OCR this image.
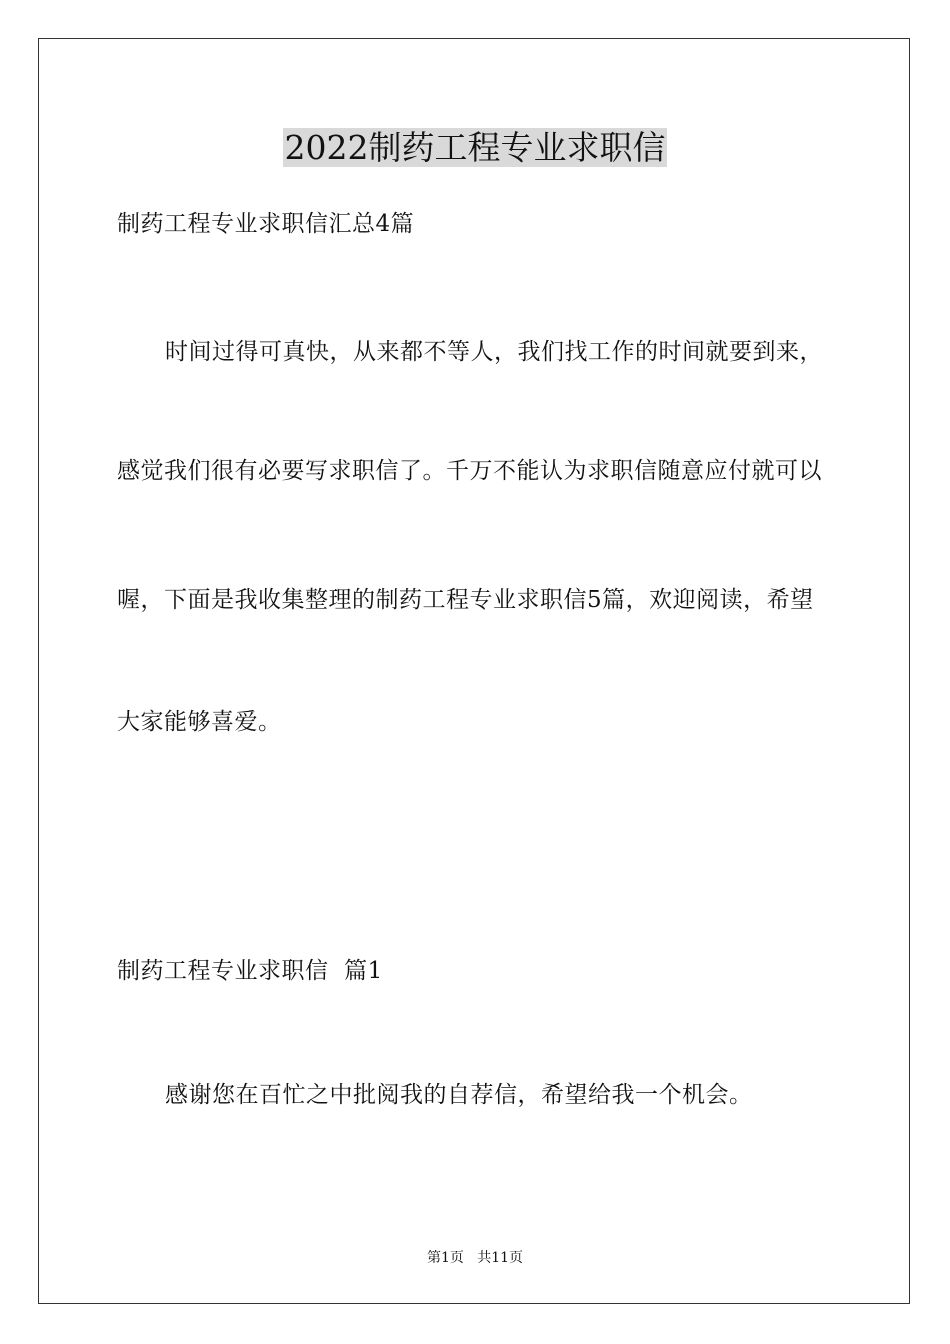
2022制药工程专业求职信
制药工程专业求职信汇总4篇
时间过得可真快，从来都不等人，我们找工作的时间就要到来，
感觉我们很有必要写求职信了。千万不能认为求职信随意应付就可以
喔，下面是我收集整理的制药工程专业求职信5篇，欢迎阅读，希望
大家能够喜爱。
制药工程专业求职信  篇1
感谢您在百忙之中批阅我的自荐信，希望给我一个机会。
第1页   共11页
